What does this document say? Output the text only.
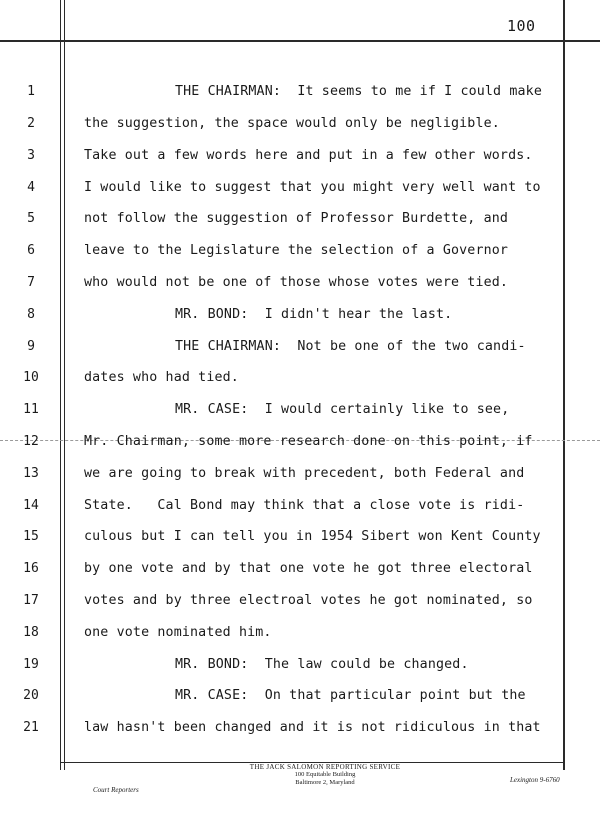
100
1
2
3
4
5
6
7
8
9
10
11
12
13
14
15
16
17
18
19
20
21
THE CHAIRMAN:  It seems to me if I could make
the suggestion, the space would only be negligible.
Take out a few words here and put in a few other words.
I would like to suggest that you might very well want to
not follow the suggestion of Professor Burdette, and
leave to the Legislature the selection of a Governor
who would not be one of those whose votes were tied.
MR. BOND:  I didn't hear the last.
THE CHAIRMAN:  Not be one of the two candi-
dates who had tied.
MR. CASE:  I would certainly like to see,
Mr. Chairman, some more research done on this point, if
we are going to break with precedent, both Federal and
State.   Cal Bond may think that a close vote is ridi-
culous but I can tell you in 1954 Sibert won Kent County
by one vote and by that one vote he got three electoral
votes and by three electroal votes he got nominated, so
one vote nominated him.
MR. BOND:  The law could be changed.
MR. CASE:  On that particular point but the
law hasn't been changed and it is not ridiculous in that
Court Reporters
THE JACK SALOMON REPORTING SERVICE
100 Equitable Building
Baltimore 2, Maryland	Lexington 9-6760
